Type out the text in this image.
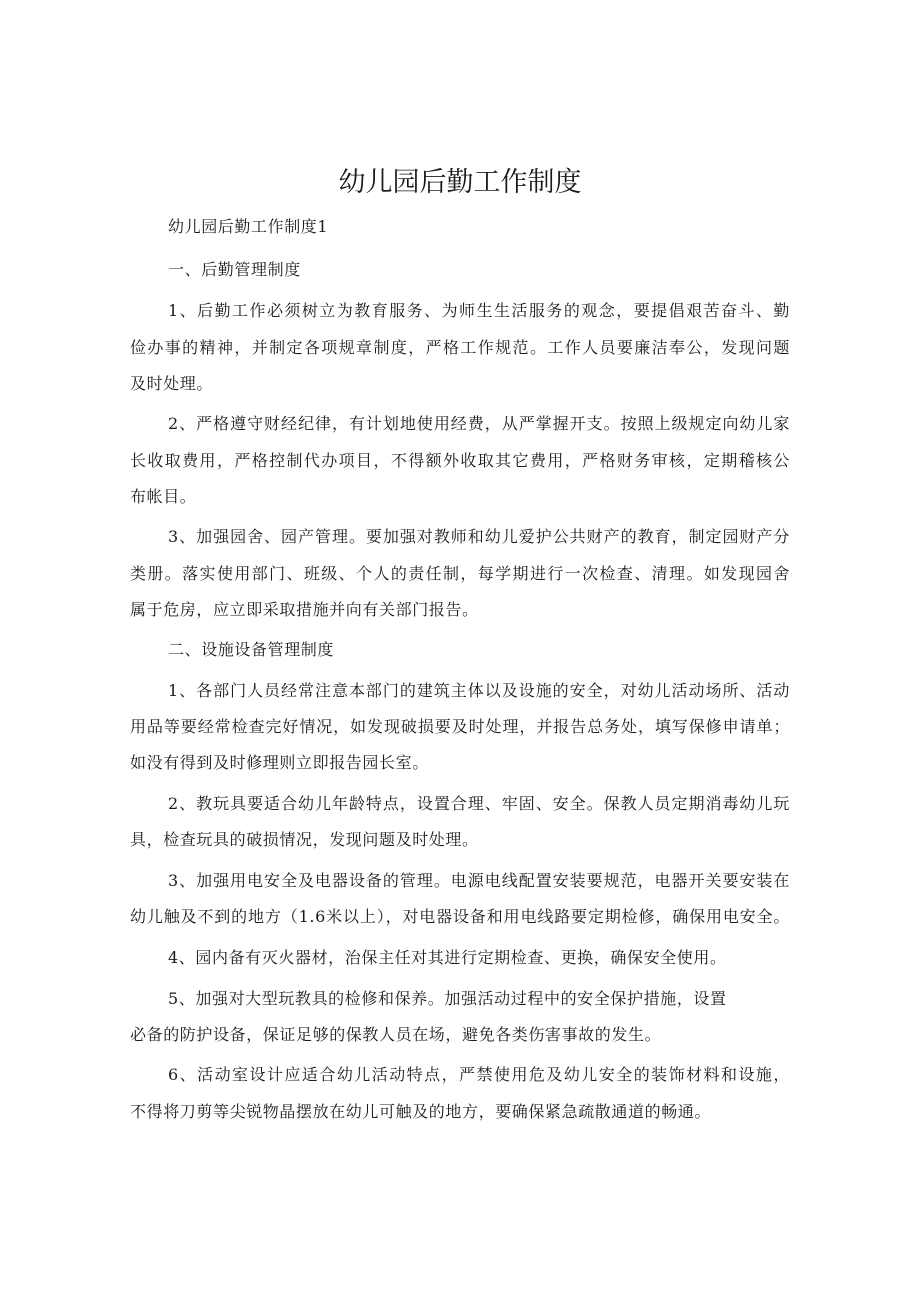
幼儿园后勤工作制度

幼儿园后勤工作制度1

一、后勤管理制度

1、后勤工作必须树立为教育服务、为师生生活服务的观念，要提倡艰苦奋斗、勤

俭办事的精神，并制定各项规章制度，严格工作规范。工作人员要廉洁奉公，发现问题

及时处理。

2、严格遵守财经纪律，有计划地使用经费，从严掌握开支。按照上级规定向幼儿家

长收取费用，严格控制代办项目，不得额外收取其它费用，严格财务审核，定期稽核公

布帐目。

3、加强园舍、园产管理。要加强对教师和幼儿爱护公共财产的教育，制定园财产分

类册。落实使用部门、班级、个人的责任制，每学期进行一次检查、清理。如发现园舍

属于危房，应立即采取措施并向有关部门报告。

二、设施设备管理制度

1、各部门人员经常注意本部门的建筑主体以及设施的安全，对幼儿活动场所、活动

用品等要经常检查完好情况，如发现破损要及时处理，并报告总务处，填写保修申请单；

如没有得到及时修理则立即报告园长室。

2、教玩具要适合幼儿年龄特点，设置合理、牢固、安全。保教人员定期消毒幼儿玩

具，检查玩具的破损情况，发现问题及时处理。

3、加强用电安全及电器设备的管理。电源电线配置安装要规范，电器开关要安装在

幼儿触及不到的地方（1.6米以上），对电器设备和用电线路要定期检修，确保用电安全。

4、园内备有灭火器材，治保主任对其进行定期检查、更换，确保安全使用。

5、加强对大型玩教具的检修和保养。加强活动过程中的安全保护措施，设置

必备的防护设备，保证足够的保教人员在场，避免各类伤害事故的发生。

6、活动室设计应适合幼儿活动特点，严禁使用危及幼儿安全的装饰材料和设施，

不得将刀剪等尖锐物晶摆放在幼儿可触及的地方，要确保紧急疏散通道的畅通。
